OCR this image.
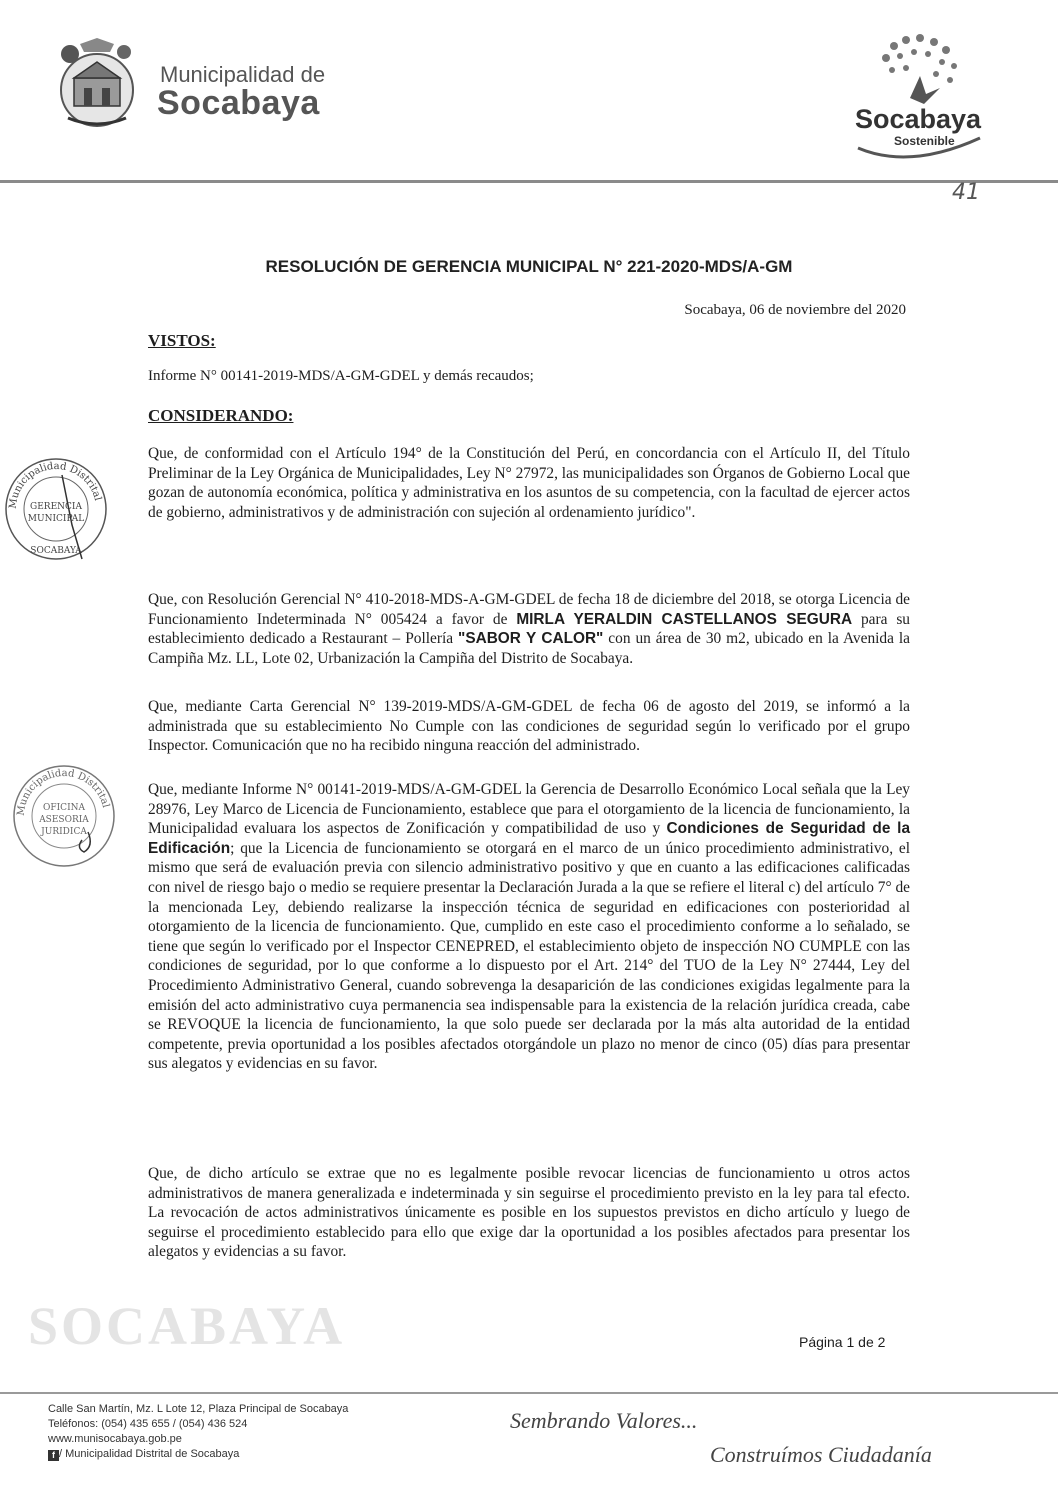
SOCABAYA
Municipalidad de
Socabaya	Socabaya
Sostenible
41
RESOLUCIÓN DE GERENCIA MUNICIPAL N° 221-2020-MDS/A-GM
Socabaya, 06 de noviembre del 2020
VISTOS:
Informe N° 00141-2019-MDS/A-GM-GDEL y demás recaudos;
CONSIDERANDO:
Que, de conformidad con el Artículo 194° de la Constitución del Perú, en concordancia con el Artículo II, del Título Preliminar de la Ley Orgánica de Municipalidades, Ley N° 27972, las municipalidades son Órganos de Gobierno Local que gozan de autonomía económica, política y administrativa en los asuntos de su competencia, con la facultad de ejercer actos de gobierno, administrativos y de administración con sujeción al ordenamiento jurídico".
Que, con Resolución Gerencial N° 410-2018-MDS-A-GM-GDEL de fecha 18 de diciembre del 2018, se otorga Licencia de Funcionamiento Indeterminada N° 005424 a favor de MIRLA YERALDIN CASTELLANOS SEGURA para su establecimiento dedicado a Restaurant – Pollería "SABOR Y CALOR" con un área de 30 m2, ubicado en la Avenida la Campiña Mz. LL, Lote 02, Urbanización la Campiña del Distrito de Socabaya.
Que, mediante Carta Gerencial N° 139-2019-MDS/A-GM-GDEL de fecha 06 de agosto del 2019, se informó a la administrada que su establecimiento No Cumple con las condiciones de seguridad según lo verificado por el grupo Inspector. Comunicación que no ha recibido ninguna reacción del administrado.
Que, mediante Informe N° 00141-2019-MDS/A-GM-GDEL la Gerencia de Desarrollo Económico Local señala que la Ley 28976, Ley Marco de Licencia de Funcionamiento, establece que para el otorgamiento de la licencia de funcionamiento, la Municipalidad evaluara los aspectos de Zonificación y compatibilidad de uso y Condiciones de Seguridad de la Edificación; que la Licencia de funcionamiento se otorgará en el marco de un único procedimiento administrativo, el mismo que será de evaluación previa con silencio administrativo positivo y que en cuanto a las edificaciones calificadas con nivel de riesgo bajo o medio se requiere presentar la Declaración Jurada a la que se refiere el literal c) del artículo 7° de la mencionada Ley, debiendo realizarse la inspección técnica de seguridad en edificaciones con posterioridad al otorgamiento de la licencia de funcionamiento. Que, cumplido en este caso el procedimiento conforme a lo señalado, se tiene que según lo verificado por el Inspector CENEPRED, el establecimiento objeto de inspección NO CUMPLE con las condiciones de seguridad, por lo que conforme a lo dispuesto por el Art. 214° del TUO de la Ley N° 27444, Ley del Procedimiento Administrativo General, cuando sobrevenga la desaparición de las condiciones exigidas legalmente para la emisión del acto administrativo cuya permanencia sea indispensable para la existencia de la relación jurídica creada, cabe se REVOQUE la licencia de funcionamiento, la que solo puede ser declarada por la más alta autoridad de la entidad competente, previa oportunidad a los posibles afectados otorgándole un plazo no menor de cinco (05) días para presentar sus alegatos y evidencias en su favor.
Que, de dicho artículo se extrae que no es legalmente posible revocar licencias de funcionamiento u otros actos administrativos de manera generalizada e indeterminada y sin seguirse el procedimiento previsto en la ley para tal efecto. La revocación de actos administrativos únicamente es posible en los supuestos previstos en dicho artículo y luego de seguirse el procedimiento establecido para ello que exige dar la oportunidad a los posibles afectados para presentar los alegatos y evidencias a su favor.
Municipalidad Distrital
GERENCIA
MUNICIPAL
SOCABAYA
Municipalidad Distrital
OFICINA
ASESORIA
JURIDICA
Página 1 de 2
Calle San Martín, Mz. L Lote 12, Plaza Principal de Socabaya
Teléfonos: (054) 435 655 / (054) 436 524
www.munisocabaya.gob.pe
f / Municipalidad Distrital de Socabaya
Sembrando Valores...
Construímos Ciudadanía
